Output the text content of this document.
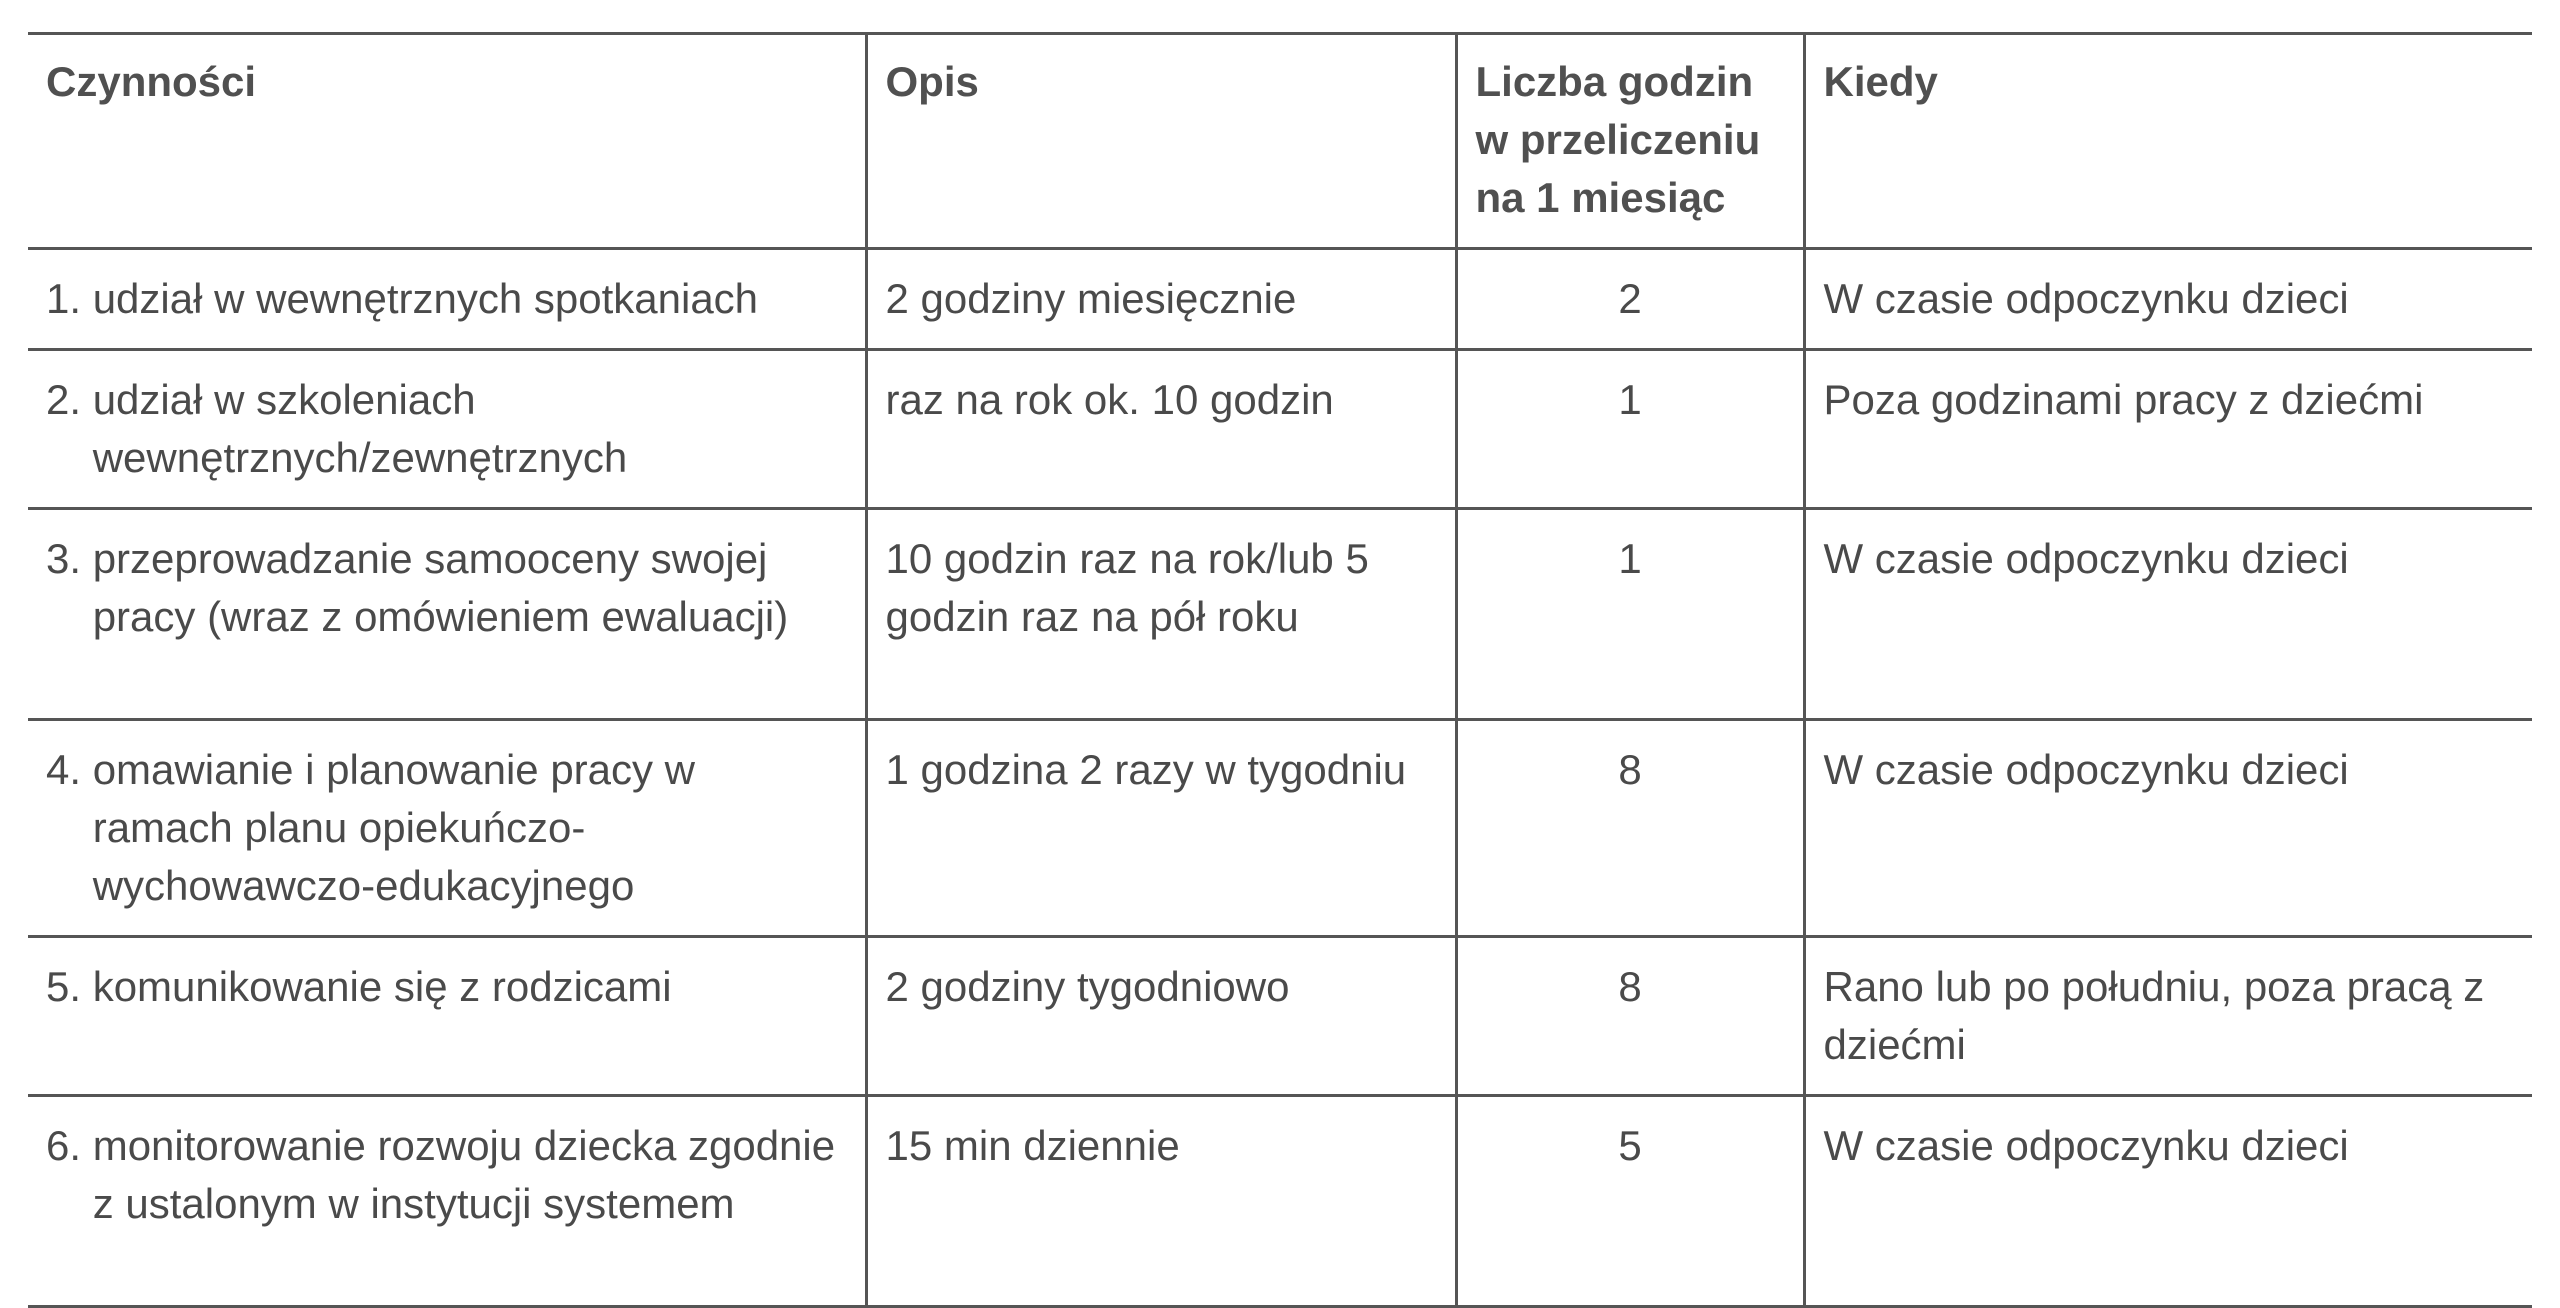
Czynności	Opis	Liczba godzin
w przeliczeniu
na 1 miesiąc	Kiedy

1.
udział w wewnętrznych spotkaniach	2 godziny miesięcznie	2	W czasie odpoczynku dzieci

2.
udział w szkoleniach wewnętrznych/zewnętrznych	raz na rok ok. 10 godzin	1	Poza godzinami pracy z dziećmi

3.
przeprowadzanie samooceny swojej pracy (wraz z omówieniem ewaluacji)	10 godzin raz na rok/lub 5 godzin raz na pół roku	1	W czasie odpoczynku dzieci

4.
omawianie i planowanie pracy w ramach planu opiekuńczo-wychowawczo-edukacyjnego	1 godzina 2 razy w tygodniu	8	W czasie odpoczynku dzieci

5.
komunikowanie się z rodzicami	2 godziny tygodniowo	8	Rano lub po południu, poza pracą z dziećmi

6.
monitorowanie rozwoju dziecka zgodnie z ustalonym w instytucji systemem	15 min dziennie	5	W czasie odpoczynku dzieci
